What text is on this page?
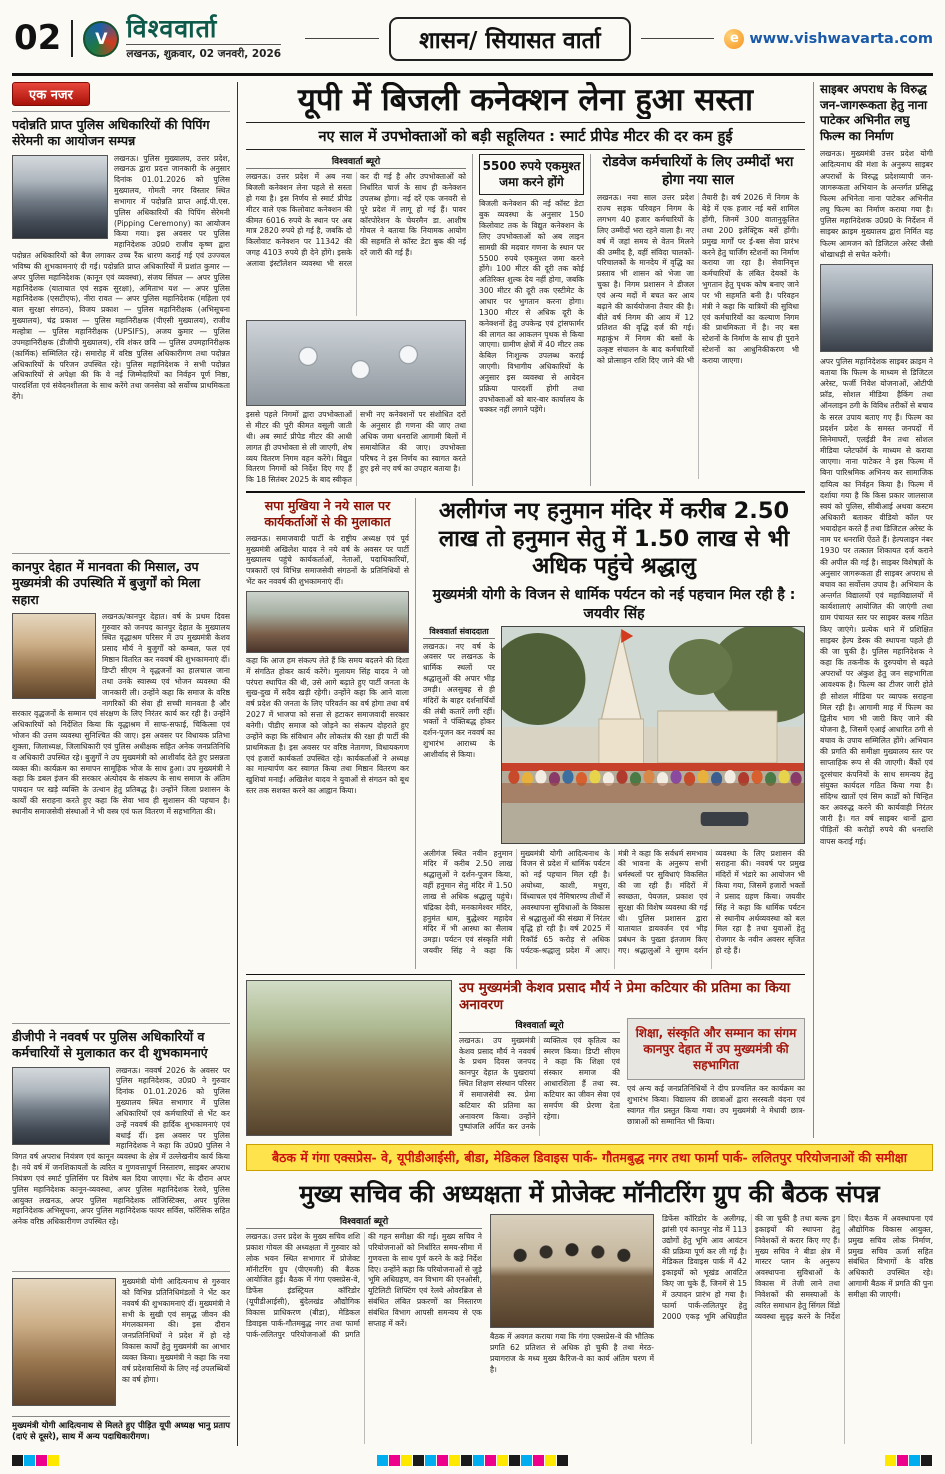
02	V विश्ववार्ता
लखनऊ, शुक्रवार, 02 जनवरी, 2026
शासन/ सियासत वार्ता	e www.vishwavarta.com
एक नजर
पदोन्नति प्राप्त पुलिस अधिकारियों की पिपिंग सेरेमनी का आयोजन सम्पन्न

लखनऊ। पुलिस मुख्यालय, उत्तर प्रदेश, लखनऊ द्वारा प्रदत्त जानकारी के अनुसार दिनांक 01.01.2026 को पुलिस मुख्यालय, गोमती नगर विस्तार स्थित सभागार में पदोन्नति प्राप्त आई.पी.एस. पुलिस अधिकारियों की पिपिंग सेरेमनी (Pipping Ceremony) का आयोजन किया गया। इस अवसर पर पुलिस महानिदेशक उ0प्र0 राजीव कृष्ण द्वारा पदोन्नत अधिकारियों को बैज लगाकर उच्च रैंक धारण कराई गई एवं उज्ज्वल भविष्य की शुभकामनाएं दी गईं। पदोन्नति प्राप्त अधिकारियों में प्रशांत कुमार — अपर पुलिस महानिदेशक (कानून एवं व्यवस्था), संजय सिंघल — अपर पुलिस महानिदेशक (यातायात एवं सड़क सुरक्षा), अमिताभ यश — अपर पुलिस महानिदेशक (एसटीएफ), नीरा रावत — अपर पुलिस महानिदेशक (महिला एवं बाल सुरक्षा संगठन), विजय प्रकाश — पुलिस महानिरीक्षक (अभिसूचना मुख्यालय), चंद्र प्रकाश — पुलिस महानिरीक्षक (पीएसी मुख्यालय), राजीव मल्होत्रा — पुलिस महानिरीक्षक (UPSIFS), अजय कुमार — पुलिस उपमहानिरीक्षक (डीजीपी मुख्यालय), रवि शंकर छवि — पुलिस उपमहानिरीक्षक (कार्मिक) सम्मिलित रहे। समारोह में वरिष्ठ पुलिस अधिकारीगण तथा पदोन्नत अधिकारियों के परिजन उपस्थित रहे। पुलिस महानिदेशक ने सभी पदोन्नत अधिकारियों से अपेक्षा की कि वे नई जिम्मेदारियों का निर्वहन पूर्ण निष्ठा, पारदर्शिता एवं संवेदनशीलता के साथ करेंगे तथा जनसेवा को सर्वोच्च प्राथमिकता देंगे।

कानपुर देहात में मानवता की मिसाल, उप मुख्यमंत्री की उपस्थिति में बुजुर्गों को मिला सहारा

लखनऊ/कानपुर देहात। वर्ष के प्रथम दिवस गुरुवार को जनपद कानपुर देहात के मुख्यालय स्थित वृद्धाश्रम परिसर में उप मुख्यमंत्री केशव प्रसाद मौर्य ने बुजुर्गों को कम्बल, फल एवं मिष्ठान वितरित कर नववर्ष की शुभकामनाएं दीं। डिप्टी सीएम ने वृद्धजनों का हालचाल जाना तथा उनके स्वास्थ्य एवं भोजन व्यवस्था की जानकारी ली। उन्होंने कहा कि समाज के वरिष्ठ नागरिकों की सेवा ही सच्ची मानवता है और सरकार वृद्धजनों के सम्मान एवं संरक्षण के लिए निरंतर कार्य कर रही है। उन्होंने अधिकारियों को निर्देशित किया कि वृद्धाश्रम में साफ-सफाई, चिकित्सा एवं भोजन की उत्तम व्यवस्था सुनिश्चित की जाए। इस अवसर पर विधायक प्रतिभा शुक्ला, जिलाध्यक्ष, जिलाधिकारी एवं पुलिस अधीक्षक सहित अनेक जनप्रतिनिधि व अधिकारी उपस्थित रहे। बुजुर्गों ने उप मुख्यमंत्री को आशीर्वाद देते हुए प्रसन्नता व्यक्त की। कार्यक्रम का समापन सामूहिक भोज के साथ हुआ। उप मुख्यमंत्री ने कहा कि डबल इंजन की सरकार अंत्योदय के संकल्प के साथ समाज के अंतिम पायदान पर खड़े व्यक्ति के उत्थान हेतु प्रतिबद्ध है। उन्होंने जिला प्रशासन के कार्यों की सराहना करते हुए कहा कि सेवा भाव ही सुशासन की पहचान है। स्थानीय समाजसेवी संस्थाओं ने भी वस्त्र एवं फल वितरण में सहभागिता की।

डीजीपी ने नववर्ष पर पुलिस अधिकारियों व कर्मचारियों से मुलाकात कर दी शुभकामनाएं

लखनऊ। नववर्ष 2026 के अवसर पर पुलिस महानिदेशक, उ0प्र0 ने गुरुवार दिनांक 01.01.2026 को पुलिस मुख्यालय स्थित सभागार में पुलिस अधिकारियों एवं कर्मचारियों से भेंट कर उन्हें नववर्ष की हार्दिक शुभकामनाएं एवं बधाई दीं। इस अवसर पर पुलिस महानिदेशक ने कहा कि उ0प्र0 पुलिस ने विगत वर्ष अपराध नियंत्रण एवं कानून व्यवस्था के क्षेत्र में उल्लेखनीय कार्य किया है। नये वर्ष में जनशिकायतों के त्वरित व गुणवत्तापूर्ण निस्तारण, साइबर अपराध नियंत्रण एवं स्मार्ट पुलिसिंग पर विशेष बल दिया जाएगा। भेंट के दौरान अपर पुलिस महानिदेशक कानून-व्यवस्था, अपर पुलिस महानिदेशक रेलवे, पुलिस आयुक्त लखनऊ, अपर पुलिस महानिदेशक लॉजिस्टिक्स, अपर पुलिस महानिदेशक अभिसूचना, अपर पुलिस महानिदेशक फायर सर्विस, फॉरेंसिक सहित अनेक वरिष्ठ अधिकारीगण उपस्थित रहे।

मुख्यमंत्री योगी आदित्यनाथ से गुरुवार को विभिन्न प्रतिनिधिमंडलों ने भेंट कर नववर्ष की शुभकामनाएं दीं। मुख्यमंत्री ने सभी के सुखी एवं समृद्ध जीवन की मंगलकामना की। इस दौरान जनप्रतिनिधियों ने प्रदेश में हो रहे विकास कार्यों हेतु मुख्यमंत्री का आभार व्यक्त किया। मुख्यमंत्री ने कहा कि नया वर्ष प्रदेशवासियों के लिए नई उपलब्धियों का वर्ष होगा।

मुख्यमंत्री योगी आदित्यनाथ से मिलते हुए पीड़ित यूपी अध्यक्ष भानु प्रताप (दाएं से दूसरे), साथ में अन्य पदाधिकारीगण।

यूपी में बिजली कनेक्शन लेना हुआ सस्ता
नए साल में उपभोक्ताओं को बड़ी सहूलियत : स्मार्ट प्रीपेड मीटर की दर कम हुई
विश्ववार्ता ब्यूरो

लखनऊ। उत्तर प्रदेश में अब नया बिजली कनेक्शन लेना पहले से सस्ता हो गया है। इस निर्णय से स्मार्ट प्रीपेड मीटर वाले एक किलोवाट कनेक्शन की कीमत 6016 रुपये के स्थान पर अब मात्र 2820 रुपये हो गई है, जबकि दो किलोवाट कनेक्शन पर 11342 की जगह 4103 रुपये ही देने होंगे। इसके अलावा इंस्टॉलेशन व्यवस्था भी सरल कर दी गई है और उपभोक्ताओं को निर्धारित चार्ज के साथ ही कनेक्शन उपलब्ध होगा। नई दरें एक जनवरी से पूरे प्रदेश में लागू हो गई हैं। पावर कॉरपोरेशन के चेयरमैन डा. आशीष गोयल ने बताया कि नियामक आयोग की सहमति से कॉस्ट डेटा बुक की नई दरें जारी की गई हैं।

इससे पहले निगमों द्वारा उपभोक्ताओं से मीटर की पूरी कीमत वसूली जाती थी। अब स्मार्ट प्रीपेड मीटर की आधी लागत ही उपभोक्ता से ली जाएगी, शेष व्यय वितरण निगम वहन करेंगे। विद्युत वितरण निगमों को निर्देश दिए गए हैं कि 18 सितंबर 2025 के बाद स्वीकृत सभी नए कनेक्शनों पर संशोधित दरों के अनुसार ही गणना की जाए तथा अधिक जमा धनराशि आगामी बिलों में समायोजित की जाए। उपभोक्ता परिषद ने इस निर्णय का स्वागत करते हुए इसे नए वर्ष का उपहार बताया है।

5500 रुपये एकमुश्त जमा करने होंगे

बिजली कनेक्शन की नई कॉस्ट डेटा बुक व्यवस्था के अनुसार 150 किलोवाट तक के विद्युत कनेक्शन के लिए उपभोक्ताओं को अब लाइन सामग्री की मदवार गणना के स्थान पर 5500 रुपये एकमुश्त जमा करने होंगे। 100 मीटर की दूरी तक कोई अतिरिक्त शुल्क देय नहीं होगा, जबकि 300 मीटर की दूरी तक एस्टीमेट के आधार पर भुगतान करना होगा। 1300 मीटर से अधिक दूरी के कनेक्शनों हेतु उपकेन्द्र एवं ट्रांसफार्मर की लागत का आकलन पृथक से किया जाएगा। ग्रामीण क्षेत्रों में 40 मीटर तक केबिल निःशुल्क उपलब्ध कराई जाएगी। विभागीय अधिकारियों के अनुसार इस व्यवस्था से आवेदन प्रक्रिया पारदर्शी होगी तथा उपभोक्ताओं को बार-बार कार्यालय के चक्कर नहीं लगाने पड़ेंगे।

रोडवेज कर्मचारियों के लिए उम्मीदों भरा होगा नया साल

लखनऊ। नया साल उत्तर प्रदेश राज्य सड़क परिवहन निगम के लगभग 40 हजार कर्मचारियों के लिए उम्मीदों भरा रहने वाला है। नए वर्ष में जहां समय से वेतन मिलने की उम्मीद है, वहीं संविदा चालकों-परिचालकों के मानदेय में वृद्धि का प्रस्ताव भी शासन को भेजा जा चुका है। निगम प्रशासन ने डीजल एवं अन्य मदों में बचत कर आय बढ़ाने की कार्ययोजना तैयार की है। बीते वर्ष निगम की आय में 12 प्रतिशत की वृद्धि दर्ज की गई। महाकुंभ में निगम की बसों के उत्कृष्ट संचालन के बाद कर्मचारियों को प्रोत्साहन राशि दिए जाने की भी तैयारी है। वर्ष 2026 में निगम के बेड़े में एक हजार नई बसें शामिल होंगी, जिनमें 300 वातानुकूलित तथा 200 इलेक्ट्रिक बसें होंगी। प्रमुख मार्गों पर ई-बस सेवा प्रारंभ करने हेतु चार्जिंग स्टेशनों का निर्माण कराया जा रहा है। सेवानिवृत्त कर्मचारियों के लंबित देयकों के भुगतान हेतु पृथक कोष बनाए जाने पर भी सहमति बनी है। परिवहन मंत्री ने कहा कि यात्रियों की सुविधा एवं कर्मचारियों का कल्याण निगम की प्राथमिकता में है। नए बस स्टेशनों के निर्माण के साथ ही पुराने स्टेशनों का आधुनिकीकरण भी कराया जाएगा।

सपा मुखिया ने नये साल पर कार्यकर्ताओं से की मुलाकात

लखनऊ। समाजवादी पार्टी के राष्ट्रीय अध्यक्ष एवं पूर्व मुख्यमंत्री अखिलेश यादव ने नये वर्ष के अवसर पर पार्टी मुख्यालय पहुंचे कार्यकर्ताओं, नेताओं, पदाधिकारियों, पत्रकारों एवं विभिन्न समाजसेवी संगठनों के प्रतिनिधियों से भेंट कर नववर्ष की शुभकामनाएं दीं।

कहा कि आज हम संकल्प लेते हैं कि समय बदलने की दिशा में संगठित होकर कार्य करेंगे। मुलायम सिंह यादव ने जो परंपरा स्थापित की थी, उसे आगे बढ़ाते हुए पार्टी जनता के सुख-दुख में सदैव खड़ी रहेगी। उन्होंने कहा कि आने वाला वर्ष प्रदेश की जनता के लिए परिवर्तन का वर्ष होगा तथा वर्ष 2027 में भाजपा को सत्ता से हटाकर समाजवादी सरकार बनेगी। पीडीए समाज को जोड़ने का संकल्प दोहराते हुए उन्होंने कहा कि संविधान और लोकतंत्र की रक्षा ही पार्टी की प्राथमिकता है। इस अवसर पर वरिष्ठ नेतागण, विधायकगण एवं हजारों कार्यकर्ता उपस्थित रहे। कार्यकर्ताओं ने अध्यक्ष का माल्यार्पण कर स्वागत किया तथा मिष्ठान वितरण कर खुशियां मनाईं। अखिलेश यादव ने युवाओं से संगठन को बूथ स्तर तक सशक्त करने का आह्वान किया।

अलीगंज नए हनुमान मंदिर में करीब 2.50 लाख तो हनुमान सेतु में 1.50 लाख से भी अधिक पहुंचे श्रद्धालु
मुख्यमंत्री योगी के विजन से धार्मिक पर्यटन को नई पहचान मिल रही है : जयवीर सिंह
विश्ववार्ता संवाददाता

लखनऊ। नए वर्ष के अवसर पर लखनऊ के धार्मिक स्थलों पर श्रद्धालुओं की अपार भीड़ उमड़ी। अलसुबह से ही मंदिरों के बाहर दर्शनार्थियों की लंबी कतारें लगी रहीं। भक्तों ने पंक्तिबद्ध होकर दर्शन-पूजन कर नववर्ष का शुभारंभ आराध्य के आशीर्वाद से किया।

अलीगंज स्थित नवीन हनुमान मंदिर में करीब 2.50 लाख श्रद्धालुओं ने दर्शन-पूजन किया, वहीं हनुमान सेतु मंदिर में 1.50 लाख से अधिक श्रद्धालु पहुंचे। चंद्रिका देवी, मनकामेश्वर मंदिर, हनुमंत धाम, बुद्धेश्वर महादेव मंदिर में भी आस्था का सैलाब उमड़ा। पर्यटन एवं संस्कृति मंत्री जयवीर सिंह ने कहा कि मुख्यमंत्री योगी आदित्यनाथ के विजन से प्रदेश में धार्मिक पर्यटन को नई पहचान मिल रही है। अयोध्या, काशी, मथुरा, विंध्याचल एवं नैमिषारण्य तीर्थों में अवस्थापना सुविधाओं के विकास से श्रद्धालुओं की संख्या में निरंतर वृद्धि हो रही है। वर्ष 2025 में रिकॉर्ड 65 करोड़ से अधिक पर्यटक-श्रद्धालु प्रदेश में आए। मंत्री ने कहा कि सर्वधर्म समभाव की भावना के अनुरूप सभी धर्मस्थलों पर सुविधाएं विकसित की जा रही हैं। मंदिरों में स्वच्छता, पेयजल, प्रकाश एवं सुरक्षा की विशेष व्यवस्था की गई थी। पुलिस प्रशासन द्वारा यातायात डायवर्जन एवं भीड़ प्रबंधन के पुख्ता इंतजाम किए गए। श्रद्धालुओं ने सुगम दर्शन व्यवस्था के लिए प्रशासन की सराहना की। नववर्ष पर प्रमुख मंदिरों में भंडारे का आयोजन भी किया गया, जिसमें हजारों भक्तों ने प्रसाद ग्रहण किया। जयवीर सिंह ने कहा कि धार्मिक पर्यटन से स्थानीय अर्थव्यवस्था को बल मिल रहा है तथा युवाओं हेतु रोजगार के नवीन अवसर सृजित हो रहे हैं।

उप मुख्यमंत्री केशव प्रसाद मौर्य ने प्रेमा कटियार की प्रतिमा का किया अनावरण
विश्ववार्ता ब्यूरो

लखनऊ। उप मुख्यमंत्री केशव प्रसाद मौर्य ने नववर्ष के प्रथम दिवस जनपद कानपुर देहात के पुखरायां स्थित शिक्षण संस्थान परिसर में समाजसेवी स्व. प्रेमा कटियार की प्रतिमा का अनावरण किया। उन्होंने पुष्पांजलि अर्पित कर उनके व्यक्तित्व एवं कृतित्व का स्मरण किया। डिप्टी सीएम ने कहा कि शिक्षा एवं संस्कार समाज की आधारशिला हैं तथा स्व. कटियार का जीवन सेवा एवं समर्पण की प्रेरणा देता रहेगा।

शिक्षा, संस्कृति और सम्मान का संगम कानपुर देहात में उप मुख्यमंत्री की सहभागिता

एवं अन्य कई जनप्रतिनिधियों ने दीप प्रज्वलित कर कार्यक्रम का शुभारंभ किया। विद्यालय की छात्राओं द्वारा सरस्वती वंदना एवं स्वागत गीत प्रस्तुत किया गया। उप मुख्यमंत्री ने मेधावी छात्र-छात्राओं को सम्मानित भी किया।

साइबर अपराध के विरुद्ध जन-जागरूकता हेतु नाना पाटेकर अभिनीत लघु फिल्म का निर्माण

लखनऊ। मुख्यमंत्री उत्तर प्रदेश योगी आदित्यनाथ की मंशा के अनुरूप साइबर अपराधों के विरुद्ध प्रदेशव्यापी जन-जागरूकता अभियान के अन्तर्गत प्रसिद्ध फिल्म अभिनेता नाना पाटेकर अभिनीत लघु फिल्म का निर्माण कराया गया है। पुलिस महानिदेशक उ0प्र0 के निर्देशन में साइबर क्राइम मुख्यालय द्वारा निर्मित यह फिल्म आमजन को डिजिटल अरेस्ट जैसी धोखाधड़ी से सचेत करेगी।

अपर पुलिस महानिदेशक साइबर क्राइम ने बताया कि फिल्म के माध्यम से डिजिटल अरेस्ट, फर्जी निवेश योजनाओं, ओटीपी फ्रॉड, सोशल मीडिया हैकिंग तथा ऑनलाइन ठगी के विविध तरीकों से बचाव के सरल उपाय बताए गए हैं। फिल्म का प्रदर्शन प्रदेश के समस्त जनपदों में सिनेमाघरों, एलईडी वैन तथा सोशल मीडिया प्लेटफॉर्म के माध्यम से कराया जाएगा। नाना पाटेकर ने इस फिल्म में बिना पारिश्रमिक अभिनय कर सामाजिक दायित्व का निर्वहन किया है। फिल्म में दर्शाया गया है कि किस प्रकार जालसाज स्वयं को पुलिस, सीबीआई अथवा कस्टम अधिकारी बताकर वीडियो कॉल पर भयादोहन करते हैं तथा डिजिटल अरेस्ट के नाम पर धनराशि ऐंठते हैं। हेल्पलाइन नंबर 1930 पर तत्काल शिकायत दर्ज कराने की अपील की गई है। साइबर विशेषज्ञों के अनुसार जागरूकता ही साइबर अपराध से बचाव का सर्वोत्तम उपाय है। अभियान के अन्तर्गत विद्यालयों एवं महाविद्यालयों में कार्यशालाएं आयोजित की जाएंगी तथा ग्राम पंचायत स्तर पर साइबर क्लब गठित किए जाएंगे। प्रत्येक थाने में प्रशिक्षित साइबर हेल्प डेस्क की स्थापना पहले ही की जा चुकी है। पुलिस महानिदेशक ने कहा कि तकनीक के दुरुपयोग से बढ़ते अपराधों पर अंकुश हेतु जन सहभागिता आवश्यक है। फिल्म का टीजर जारी होते ही सोशल मीडिया पर व्यापक सराहना मिल रही है। आगामी माह में फिल्म का द्वितीय भाग भी जारी किए जाने की योजना है, जिसमें एआई आधारित ठगी से बचाव के उपाय सम्मिलित होंगे। अभियान की प्रगति की समीक्षा मुख्यालय स्तर पर साप्ताहिक रूप से की जाएगी। बैंकों एवं दूरसंचार कंपनियों के साथ समन्वय हेतु संयुक्त कार्यदल गठित किया गया है। संदिग्ध खातों एवं सिम कार्डों को चिन्हित कर अवरुद्ध करने की कार्यवाही निरंतर जारी है। गत वर्ष साइबर थानों द्वारा पीड़ितों की करोड़ों रुपये की धनराशि वापस कराई गई।

बैठक में गंगा एक्सप्रेस- वे, यूपीडीआईसी, बीडा, मेडिकल डिवाइस पार्क- गौतमबुद्ध नगर तथा फार्मा पार्क- ललितपुर परियोजनाओं की समीक्षा
मुख्य सचिव की अध्यक्षता में प्रोजेक्ट मॉनीटरिंग ग्रुप की बैठक संपन्न
विश्ववार्ता ब्यूरो

लखनऊ। उत्तर प्रदेश के मुख्य सचिव शशि प्रकाश गोयल की अध्यक्षता में गुरुवार को लोक भवन स्थित सभागार में प्रोजेक्ट मॉनीटरिंग ग्रुप (पीएमजी) की बैठक आयोजित हुई। बैठक में गंगा एक्सप्रेस-वे, डिफेंस इंडस्ट्रियल कॉरिडोर (यूपीडीआईसी), बुंदेलखंड औद्योगिक विकास प्राधिकरण (बीडा), मेडिकल डिवाइस पार्क-गौतमबुद्ध नगर तथा फार्मा पार्क-ललितपुर परियोजनाओं की प्रगति की गहन समीक्षा की गई। मुख्य सचिव ने परियोजनाओं को निर्धारित समय-सीमा में गुणवत्ता के साथ पूर्ण करने के कड़े निर्देश दिए। उन्होंने कहा कि परियोजनाओं से जुड़े भूमि अधिग्रहण, वन विभाग की एनओसी, यूटिलिटी शिफ्टिंग एवं रेलवे ओवरब्रिज से संबंधित लंबित प्रकरणों का निस्तारण संबंधित विभाग आपसी समन्वय से एक सप्ताह में करें।

बैठक में अवगत कराया गया कि गंगा एक्सप्रेस-वे की भौतिक प्रगति 62 प्रतिशत से अधिक हो चुकी है तथा मेरठ-प्रयागराज के मध्य मुख्य कैरिज-वे का कार्य अंतिम चरण में है।

डिफेंस कॉरिडोर के अलीगढ़, झांसी एवं कानपुर नोड में 113 उद्योगों हेतु भूमि आव आवंटन की प्रक्रिया पूर्ण कर ली गई है। मेडिकल डिवाइस पार्क में 42 इकाइयों को भूखंड आवंटित किए जा चुके हैं, जिनमें से 15 में उत्पादन प्रारंभ हो गया है। फार्मा पार्क-ललितपुर हेतु 2000 एकड़ भूमि अधिग्रहीत की जा चुकी है तथा बल्क ड्रग इकाइयों की स्थापना हेतु निवेशकों से करार किए गए हैं। मुख्य सचिव ने बीडा क्षेत्र में मास्टर प्लान के अनुरूप अवस्थापना सुविधाओं के विकास में तेजी लाने तथा निवेशकों की समस्याओं के त्वरित समाधान हेतु सिंगल विंडो व्यवस्था सुदृढ़ करने के निर्देश दिए। बैठक में अवस्थापना एवं औद्योगिक विकास आयुक्त, प्रमुख सचिव लोक निर्माण, प्रमुख सचिव ऊर्जा सहित संबंधित विभागों के वरिष्ठ अधिकारी उपस्थित रहे। आगामी बैठक में प्रगति की पुनः समीक्षा की जाएगी।
